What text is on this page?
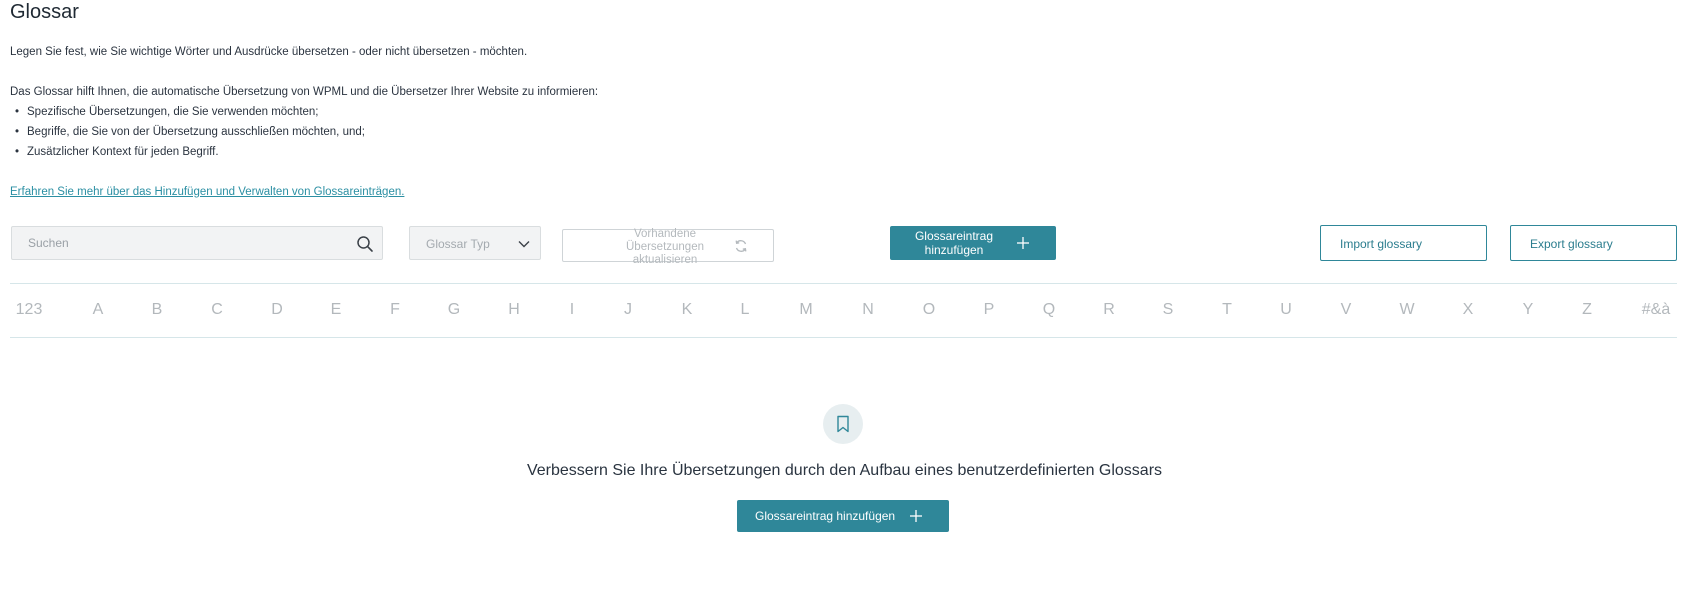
Glossar
Legen Sie fest, wie Sie wichtige Wörter und Ausdrücke übersetzen - oder nicht übersetzen - möchten.
Das Glossar hilft Ihnen, die automatische Übersetzung von WPML und die Übersetzer Ihrer Website zu informieren:
• Spezifische Übersetzungen, die Sie verwenden möchten;
• Begriffe, die Sie von der Übersetzung ausschließen möchten, und;
• Zusätzlicher Kontext für jeden Begriff.
Erfahren Sie mehr über das Hinzufügen und Verwalten von Glossareinträgen.
Suchen
Glossar Typ
Vorhandene Übersetzungen aktualisieren
Glossareintrag hinzufügen	Import glossary	Export glossary
123	A	B	C	D	E	F	G	H	I	J	K	L	M	N	O	P	Q	R	S	T	U	V	W	X	Y	Z	#&à
Verbessern Sie Ihre Übersetzungen durch den Aufbau eines benutzerdefinierten Glossars
Glossareintrag hinzufügen
